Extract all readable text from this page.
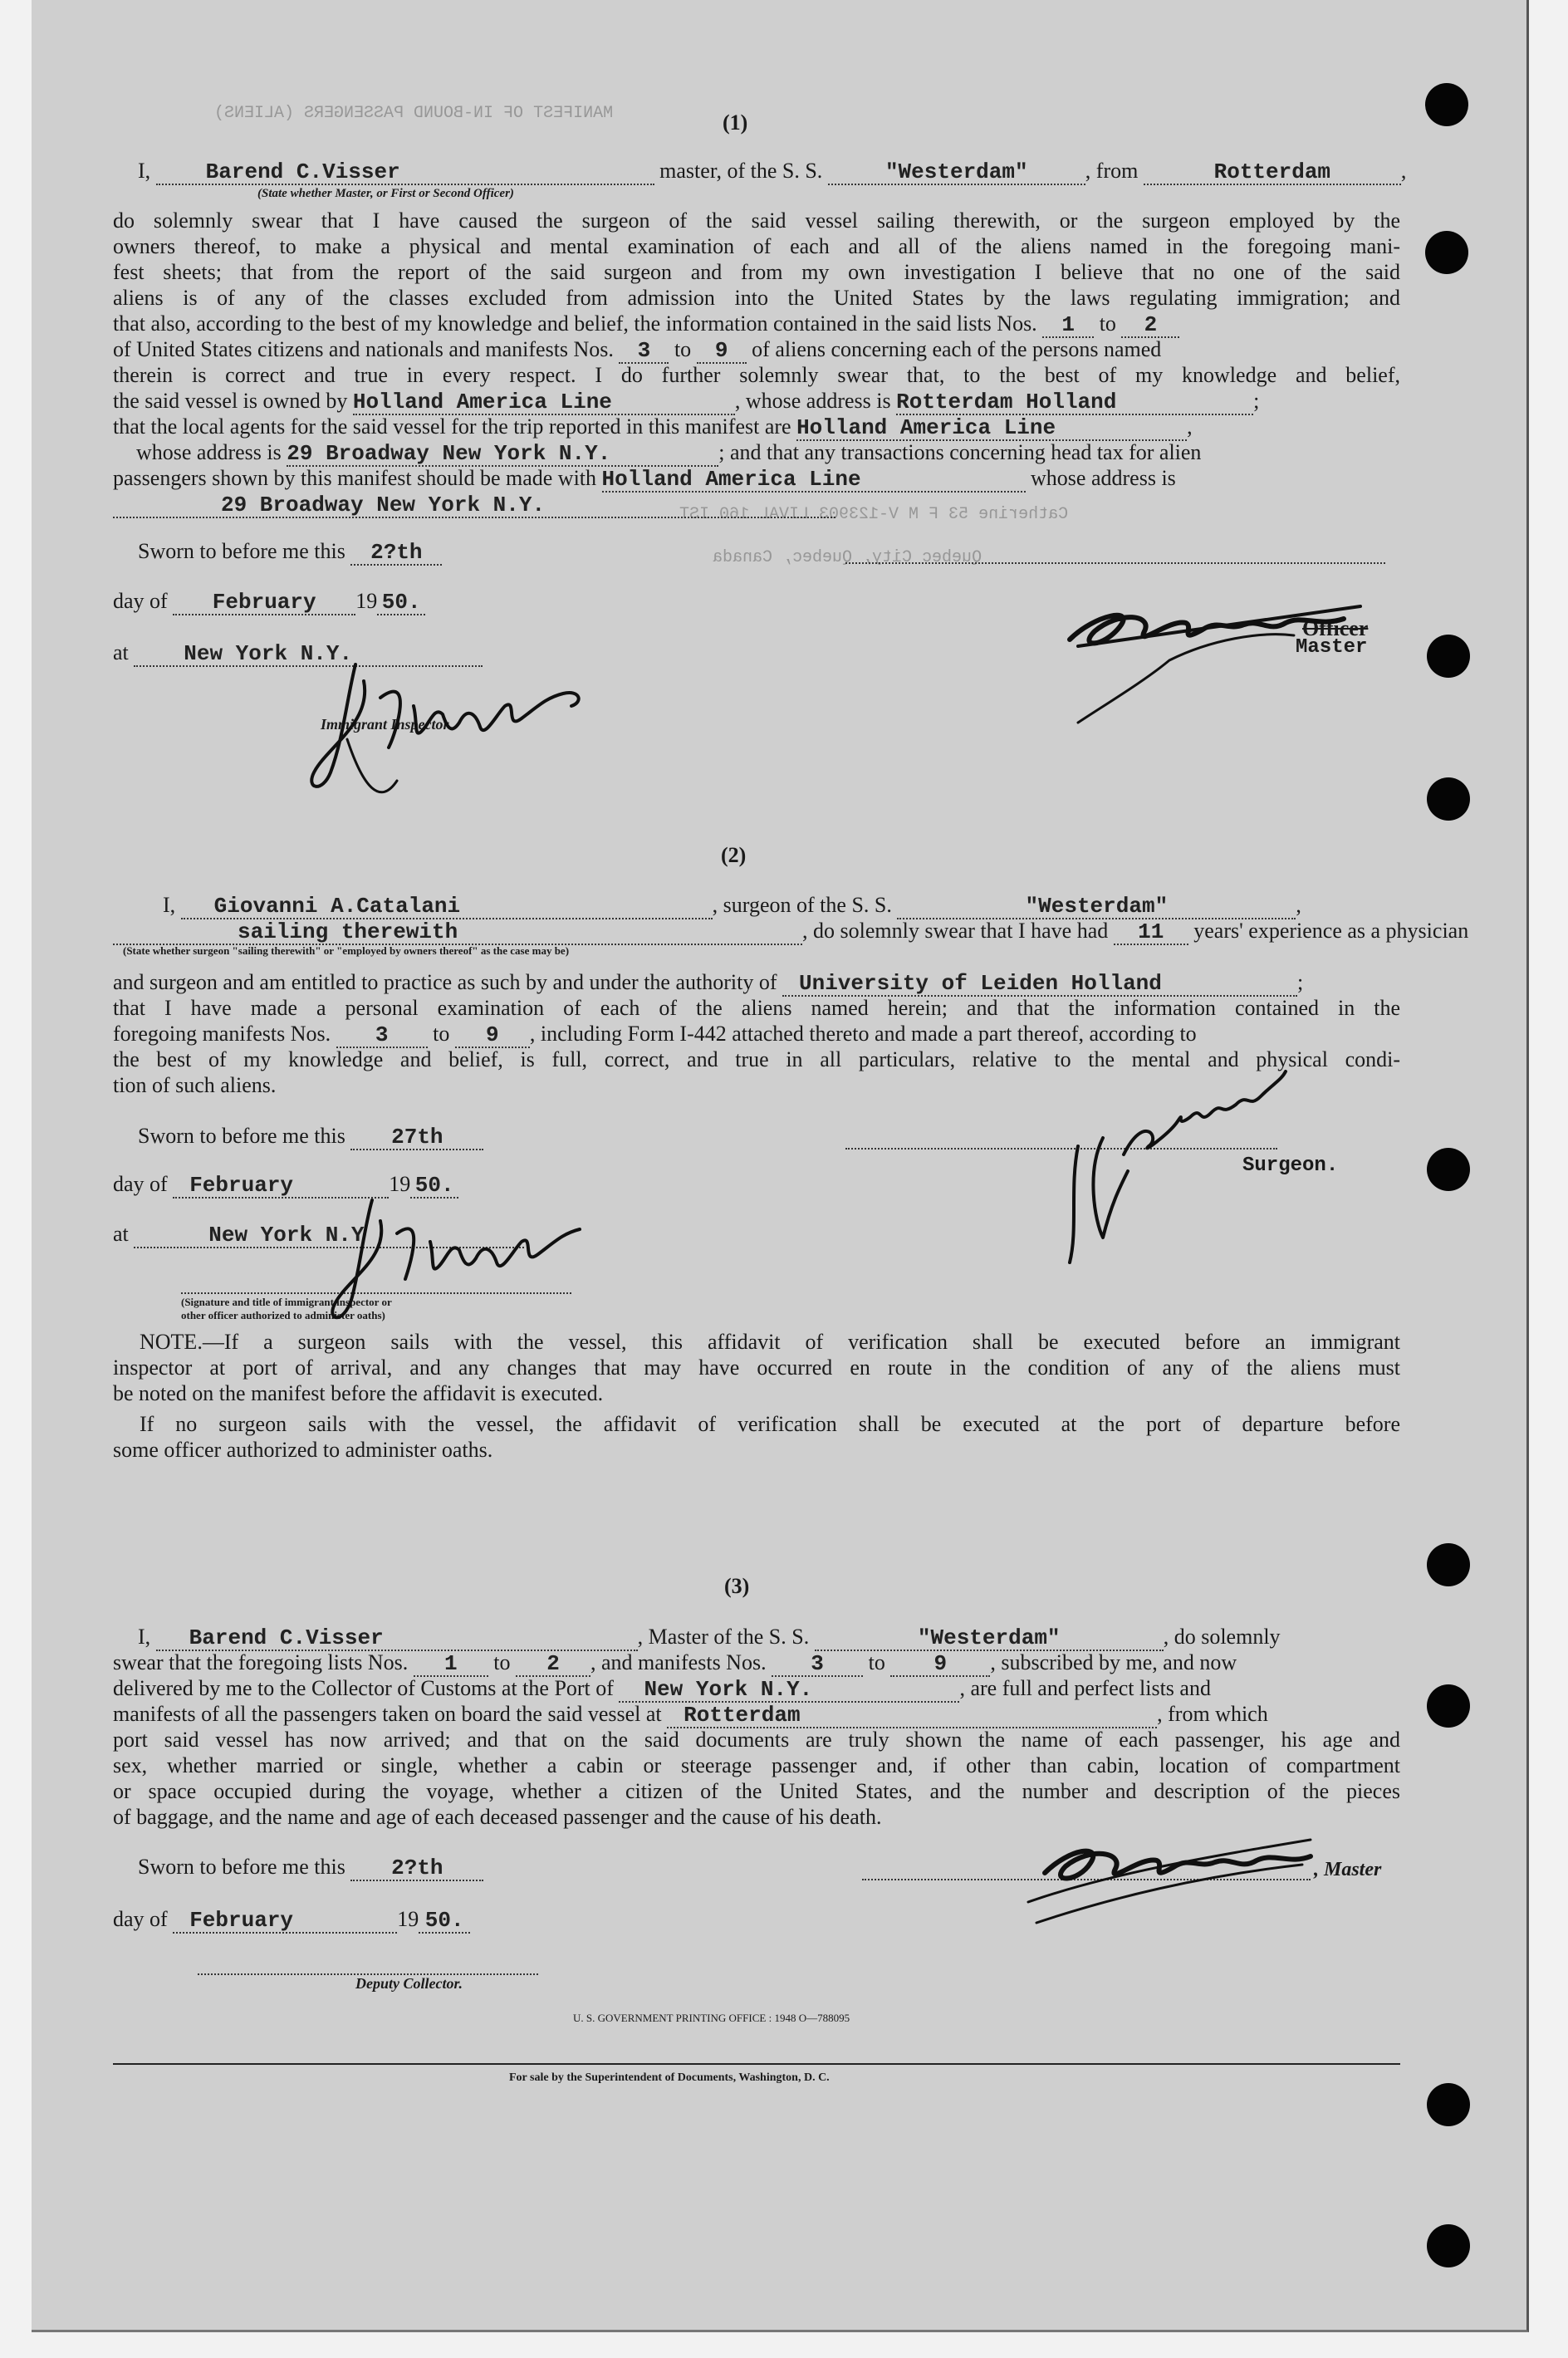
MANIFEST OF IN-BOUND PASSENGERS (ALIENS)
Catherine 53 F M V-123903 LIVAL 160 IST
Quebec City, Quebec, Canada
(1)
I,	Barend C.Visser	master, of the S. S.	"Westerdam"	, from	Rotterdam	,
(State whether Master, or First or Second Officer)
do solemnly swear that I have caused the surgeon of the said vessel sailing therewith, or the surgeon employed by the
owners thereof, to make a physical and mental examination of each and all of the aliens named in the foregoing mani-
fest sheets; that from the report of the said surgeon and from my own investigation I believe that no one of the said
aliens is of any of the classes excluded from admission into the United States by the laws regulating immigration; and
that also, according to the best of my knowledge and belief, the information contained in the said lists Nos. 1 to 2
of United States citizens and nationals and manifests Nos. 3 to 9 of aliens concerning each of the persons named
therein is correct and true in every respect. I do further solemnly swear that, to the best of my knowledge and belief,
the said vessel is owned by Holland America Line	, whose address is Rotterdam Holland	;
that the local agents for the said vessel for the trip reported in this manifest are Holland America Line	,
whose address is 29 Broadway New York N.Y.	; and that any transactions concerning head tax for alien
passengers shown by this manifest should be made with Holland America Line	whose address is
29 Broadway New York N.Y.
Sworn to before me this 2?th
day of February 19 50.
at	New York N.Y.
Officer
Master
Immigrant Inspector.
(2)
I, Giovanni A.Catalani	, surgeon of the S. S.	"Westerdam"	,
sailing therewith	, do solemnly swear that I have had 11 years' experience as a physician
(State whether surgeon "sailing therewith" or "employed by owners thereof" as the case may be)
and surgeon and am entitled to practice as such by and under the authority of University of Leiden Holland	;
that I have made a personal examination of each of the aliens named herein; and that the information contained in the
foregoing manifests Nos. 3 to 9 , including Form I-442 attached thereto and made a part thereof, according to
the best of my knowledge and belief, is full, correct, and true in all particulars, relative to the mental and physical condi-
tion of such aliens.
Sworn to before me this 27th
day of February	19 50.
Surgeon.
at	New York N.Y
(Signature and title of immigrant inspector or
other officer authorized to administer oaths)
NOTE.—If a surgeon sails with the vessel, this affidavit of verification shall be executed before an immigrant
inspector at port of arrival, and any changes that may have occurred en route in the condition of any of the aliens must
be noted on the manifest before the affidavit is executed.
If no surgeon sails with the vessel, the affidavit of verification shall be executed at the port of departure before
some officer authorized to administer oaths.
(3)
I, Barend C.Visser	, Master of the S. S.	"Westerdam"	, do solemnly
swear that the foregoing lists Nos. 1 to 2 , and manifests Nos. 3 to 9 , subscribed by me, and now
delivered by me to the Collector of Customs at the Port of New York N.Y.	, are full and perfect lists and
manifests of all the passengers taken on board the said vessel at Rotterdam	, from which
port said vessel has now arrived; and that on the said documents are truly shown the name of each passenger, his age and
sex, whether married or single, whether a cabin or steerage passenger and, if other than cabin, location of compartment
or space occupied during the voyage, whether a citizen of the United States, and the number and description of the pieces
of baggage, and the name and age of each deceased passenger and the cause of his death.
Sworn to before me this 2?th	, Master
day of February	19 50.
Deputy Collector.
U. S. GOVERNMENT PRINTING OFFICE : 1948 O—788095
For sale by the Superintendent of Documents, Washington, D. C.
